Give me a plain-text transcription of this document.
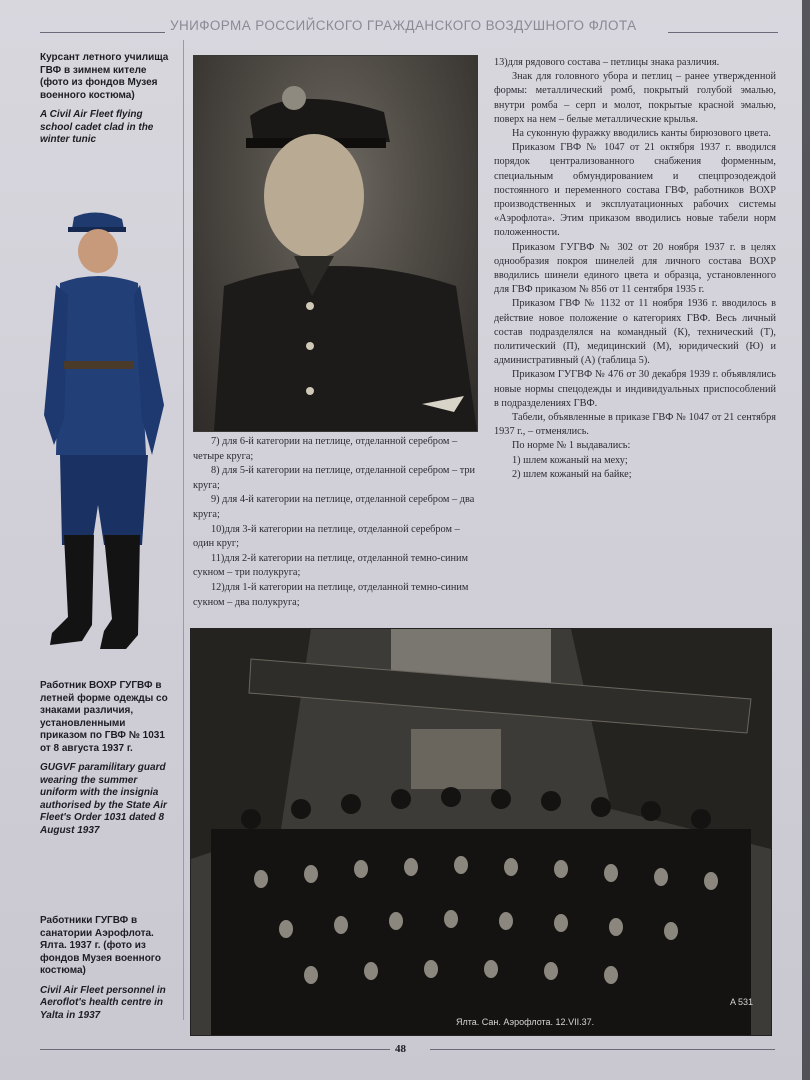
УНИФОРМА РОССИЙСКОГО ГРАЖДАНСКОГО ВОЗДУШНОГО ФЛОТА
Курсант летного училища ГВФ в зимнем кителе (фото из фондов Музея военного костюма)
A Civil Air Fleet flying school cadet clad in the winter tunic
Работник ВОХР ГУГВФ в летней форме одежды со знаками различия, установленными приказом по ГВФ № 1031 от 8 августа 1937 г.
GUGVF paramilitary guard wearing the summer uniform with the insignia authorised by the State Air Fleet's Order 1031 dated 8 August 1937
Работники ГУГВФ в санатории Аэрофлота. Ялта. 1937 г. (фото из фондов Музея военного костюма)
Civil Air Fleet personnel in Aeroflot's health centre in Yalta in 1937

7) для 6-й категории на петлице, отделанной серебром – четыре круга;

8) для 5-й категории на петлице, отделанной серебром – три круга;

9) для 4-й категории на петлице, отделанной серебром – два круга;

10)для 3-й категории на петлице, отделанной серебром – один круг;

11)для 2-й категории на петлице, отделанной темно-синим сукном – три полукруга;

12)для 1-й категории на петлице, отделанной темно-синим сукном – два полукруга;

13)для рядового состава – петлицы знака различия.

Знак для головного убора и петлиц – ранее утвержденной формы: металлический ромб, покрытый голубой эмалью, внутри ромба – серп и молот, покрытые красной эмалью, поверх на нем – белые металлические крылья.

На суконную фуражку вводились канты бирюзового цвета.

Приказом ГВФ № 1047 от 21 октября 1937 г. вводился порядок централизованного снабжения форменным, специальным обмундированием и спецпрозодеждой постоянного и переменного состава ГВФ, работников ВОХР производственных и эксплуатационных рабочих системы «Аэрофлота». Этим приказом вводились новые табели норм положенности.

Приказом ГУГВФ № 302 от 20 ноября 1937 г. в целях однообразия покроя шинелей для личного состава ВОХР вводились шинели единого цвета и образца, установленного для ГВФ приказом № 856 от 11 сентября 1935 г.

Приказом ГВФ № 1132 от 11 ноября 1936 г. вводилось в действие новое положение о категориях ГВФ. Весь личный состав подразделялся на командный (К), технический (Т), политический (П), медицинский (М), юридический (Ю) и административный (А) (таблица 5).

Приказом ГУГВФ № 476 от 30 декабря 1939 г. объявлялись новые нормы спецодежды и индивидуальных приспособлений в подразделениях ГВФ.

Табели, объявленные в приказе ГВФ № 1047 от 21 сентября 1937 г., – отменялись.

По норме № 1 выдавались:

1) шлем кожаный на меху;

2) шлем кожаный на байке;

Ялта. Сан. Аэрофлота. 12.VII.37.
A 531
48
